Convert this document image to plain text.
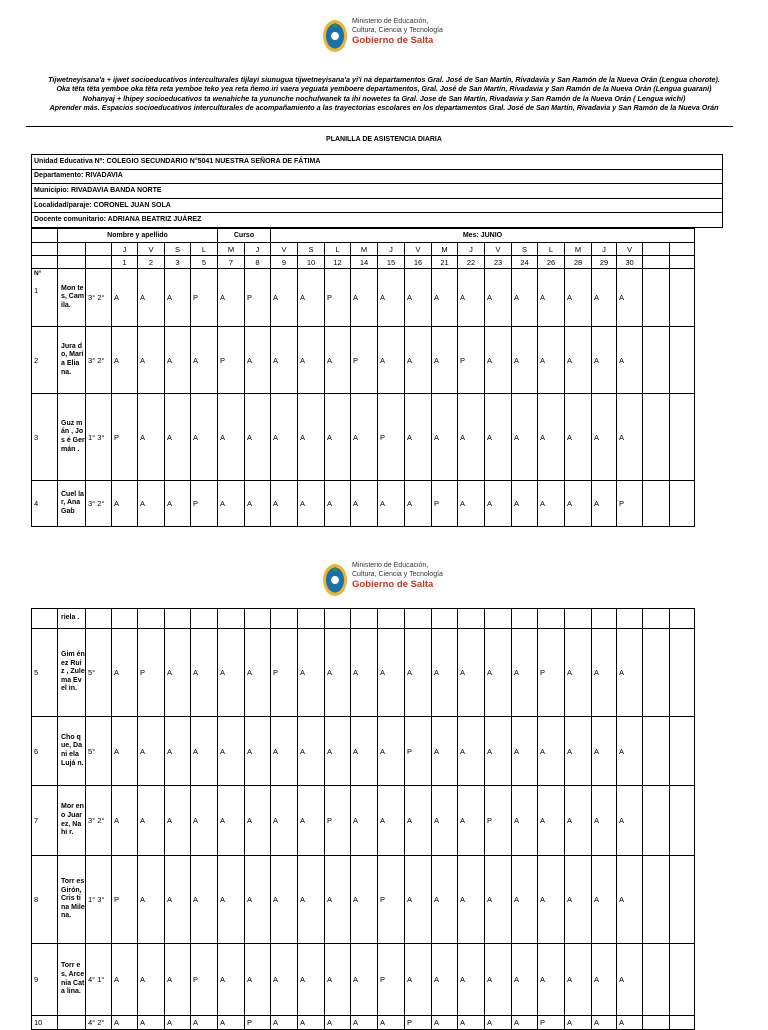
Ministerio de Educación,
Cultura, Ciencia y Tecnología
Gobierno de Salta
Tijwetneyisana'a + ijwet socioeducativos interculturales tijlayi siunugua tijwetneyisana'a yi'i na departamentos Gral. José de San Martín, Rivadavia y San Ramón de la Nueva Orán (Lengua chorote).
Oka tëta tëta yemboe oka tëta reta yemboe teko yea reta ñemo iri vaera yeguata yemboere departamentos, Gral. José de San Martín, Rivadavia y San Ramón de la Nueva Orán (Lengua guaraní)
Nohanyaj + lhipey socioeducativos ta wenahiche ta yununche nochufwanek ta ihi nowetes ta Gral. Jose de San Martín, Rivadavia y San Ramón de la Nueva Orán ( Lengua wichí)
Aprender más. Espacios socioeducativos interculturales de acompañamiento a las trayectorias escolares en los departamentos Gral. José de San Martín, Rivadavia y San Ramón de la Nueva Orán
PLANILLA DE ASISTENCIA DIARIA
Unidad Educativa Nº: COLEGIO SECUNDARIO N°5041 NUESTRA SEÑORA DE FÁTIMA
Departamento: RIVADAVIA
Municipio: RIVADAVIA BANDA NORTE
Localidad/paraje: CORONEL JUAN SOLA
Docente comunitario: ADRIANA BEATRIZ JUÁREZ
	Nombre y apellido						Curso		Mes: JUNIO															
			J	V	S	L	M	J	V	S	L	M	J	V	M	J	V	S	L	M	J	V		
			1	2	3	5	7	8	9	10	12	14	15	16	21	22	23	24	26	28	29	30		

N°
1	Mon tes, Cam ila.	3° 2°	A	A	A	P	A	P	A	A	P	A	A	A	A	A	A	A	A	A	A	A		
2	Jura do, Marí a Elia na.	3° 2°	A	A	A	A	P	A	A	A	A	P	A	A	A	P	A	A	A	A	A	A		
3	Guz mán , Jos é Ger mán .	1° 3°	P	A	A	A	A	A	A	A	A	A	P	A	A	A	A	A	A	A	A	A		
4	Cuel lar, Ana Gab	3° 2°	A	A	A	P	A	A	A	A	A	A	A	A	P	A	A	A	A	A	A	P		
Ministerio de Educación,
Cultura, Ciencia y Tecnología
Gobierno de Salta
	riela .																							
5	Gim énez Ruiz , Zule ma Evel in.	5°	A	P	A	A	A	A	P	A	A	A	A	A	A	A	A	A	P	A	A	A		
6	Cho que, Dani ela Lujá n.	5°	A	A	A	A	A	A	A	A	A	A	A	P	A	A	A	A	A	A	A	A		
7	Mor eno Juar ez, Nahi r.	3° 2°	A	A	A	A	A	A	A	A	P	A	A	A	A	A	P	A	A	A	A	A		
8	Torr es Girón, Cris tina Mile na.	1° 3°	P	A	A	A	A	A	A	A	A	A	P	A	A	A	A	A	A	A	A	A		
9	Torr es, Arce nia Cata lina.	4° 1°	A	A	A	P	A	A	A	A	A	A	P	A	A	A	A	A	A	A	A	A		
10		4° 2°	A	A	A	A	A	P	A	A	A	A	A	P	A	A	A	A	P	A	A	A		
